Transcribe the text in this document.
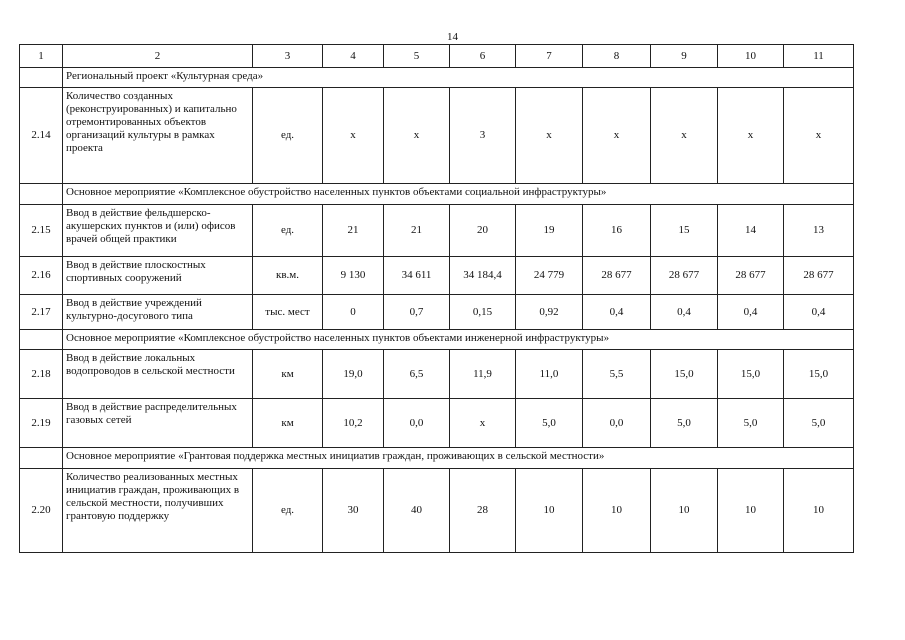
14
1	2	3	4	5	6	7	8	9	10	11
	Региональный проект «Культурная среда»									
2.14	Количество созданных (реконструированных) и капитально отремонтированных объектов организаций культуры в рамках проекта	ед.	х	х	3	х	х	х	х	х
	Основное мероприятие «Комплексное обустройство населенных пунктов объектами социальной инфраструктуры»									
2.15	Ввод в действие фельдшерско-акушерских пунктов и (или) офисов врачей общей практики	ед.	21	21	20	19	16	15	14	13
2.16	Ввод в действие плоскостных спортивных сооружений	кв.м.	9 130	34 611	34 184,4	24 779	28 677	28 677	28 677	28 677
2.17	Ввод в действие учреждений культурно-досугового типа	тыс. мест	0	0,7	0,15	0,92	0,4	0,4	0,4	0,4
	Основное мероприятие «Комплексное обустройство населенных пунктов объектами инженерной инфраструктуры»									
2.18	Ввод в действие локальных водопроводов в сельской местности	км	19,0	6,5	11,9	11,0	5,5	15,0	15,0	15,0
2.19	Ввод в действие распределительных газовых сетей	км	10,2	0,0	х	5,0	0,0	5,0	5,0	5,0
	Основное мероприятие «Грантовая поддержка местных инициатив граждан, проживающих в сельской местности»									
2.20	Количество реализованных местных инициатив граждан, проживающих в сельской местности, получивших грантовую поддержку	ед.	30	40	28	10	10	10	10	10
